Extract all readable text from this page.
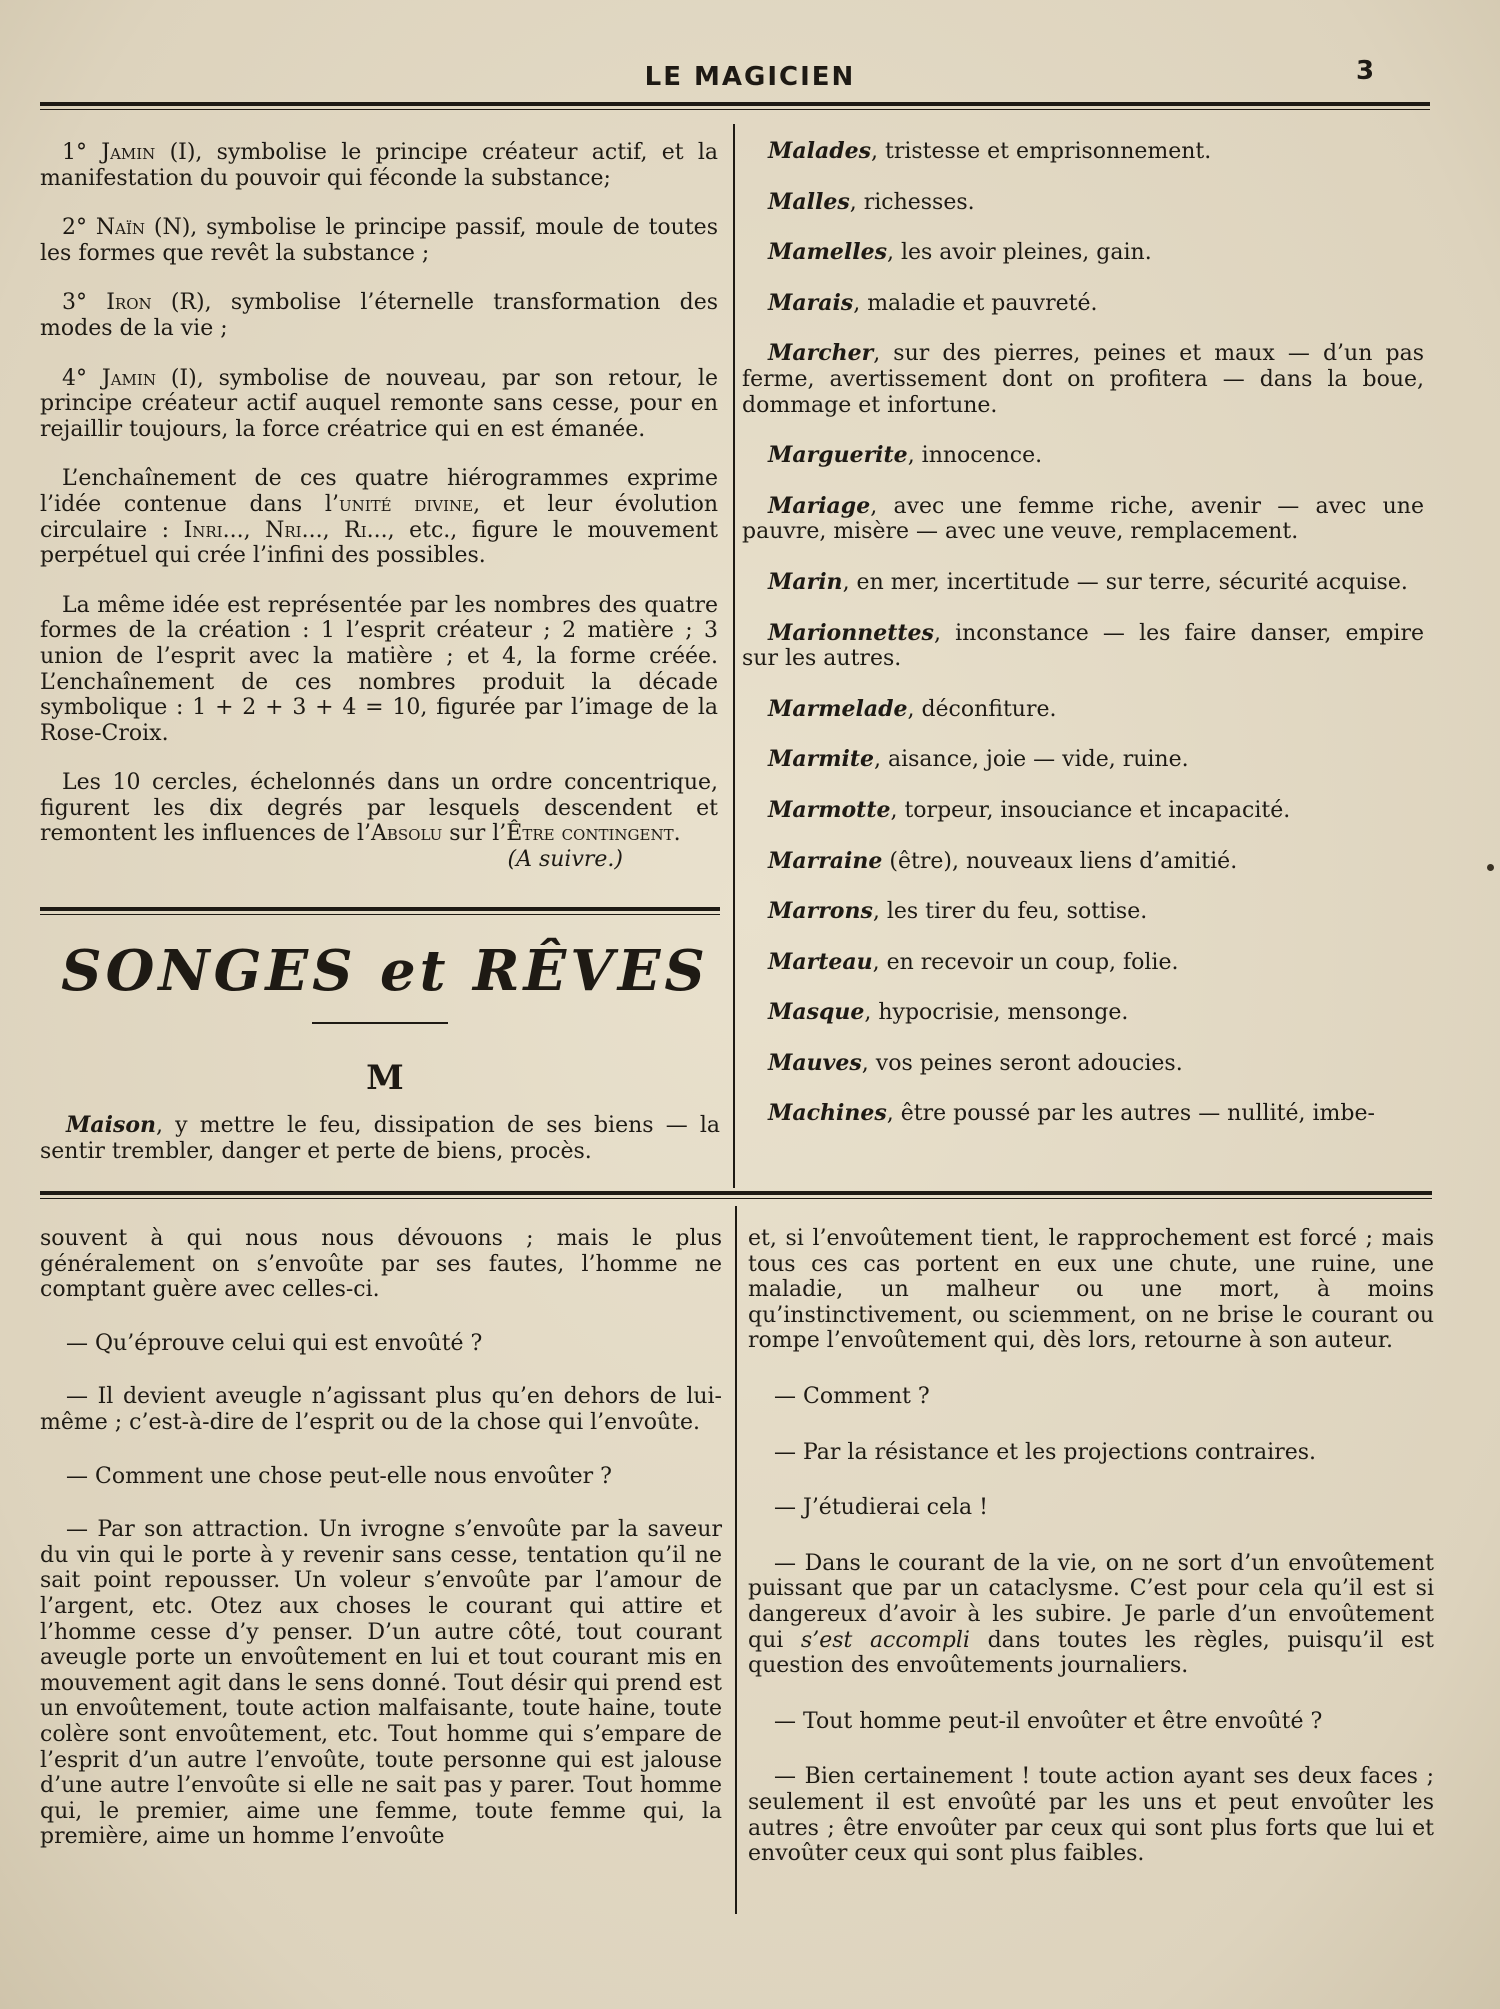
LE MAGICIEN	3

1° Jamin (I), symbolise le principe créateur actif, et la manifestation du pouvoir qui féconde la substance;

2° Naïn (N), symbolise le principe passif, moule de toutes les formes que revêt la substance ;

3° Iron (R), symbolise l’éternelle transformation des modes de la vie ;

4° Jamin (I), symbolise de nouveau, par son retour, le principe créateur actif auquel remonte sans cesse, pour en rejaillir toujours, la force créatrice qui en est émanée.

L’enchaînement de ces quatre hiérogrammes exprime l’idée contenue dans l’unité divine, et leur évolution circulaire : Inri..., Nri..., Ri..., etc., figure le mouvement perpétuel qui crée l’infini des possibles.

La même idée est représentée par les nombres des quatre formes de la création : 1 l’esprit créateur ; 2 matière ; 3 union de l’esprit avec la matière ; et 4, la forme créée. L’enchaînement de ces nombres produit la décade symbolique : 1 + 2 + 3 + 4 = 10, figurée par l’image de la Rose-Croix.

Les 10 cercles, échelonnés dans un ordre concentrique, figurent les dix degrés par lesquels descendent et remontent les influences de l’Absolu sur l’Être contingent.

(A suivre.)

SONGES et RÊVES
M

Maison, y mettre le feu, dissipation de ses biens — la sentir trembler, danger et perte de biens, procès.

Malades, tristesse et emprisonnement.

Malles, richesses.

Mamelles, les avoir pleines, gain.

Marais, maladie et pauvreté.

Marcher, sur des pierres, peines et maux — d’un pas ferme, avertissement dont on profitera — dans la boue, dommage et infortune.

Marguerite, innocence.

Mariage, avec une femme riche, avenir — avec une pauvre, misère — avec une veuve, remplacement.

Marin, en mer, incertitude — sur terre, sécurité acquise.

Marionnettes, inconstance — les faire danser, empire sur les autres.

Marmelade, déconfiture.

Marmite, aisance, joie — vide, ruine.

Marmotte, torpeur, insouciance et incapacité.

Marraine (être), nouveaux liens d’amitié.

Marrons, les tirer du feu, sottise.

Marteau, en recevoir un coup, folie.

Masque, hypocrisie, mensonge.

Mauves, vos peines seront adoucies.

Machines, être poussé par les autres — nullité, imbe-

souvent à qui nous nous dévouons ; mais le plus généralement on s’envoûte par ses fautes, l’homme ne comptant guère avec celles-ci.

— Qu’éprouve celui qui est envoûté ?

— Il devient aveugle n’agissant plus qu’en dehors de lui-même ; c’est-à-dire de l’esprit ou de la chose qui l’envoûte.

— Comment une chose peut-elle nous envoûter ?

— Par son attraction. Un ivrogne s’envoûte par la saveur du vin qui le porte à y revenir sans cesse, tentation qu’il ne sait point repousser. Un voleur s’envoûte par l’amour de l’argent, etc. Otez aux choses le courant qui attire et l’homme cesse d’y penser. D’un autre côté, tout courant aveugle porte un envoûtement en lui et tout courant mis en mouvement agit dans le sens donné. Tout désir qui prend est un envoûtement, toute action malfaisante, toute haine, toute colère sont envoûtement, etc. Tout homme qui s’empare de l’esprit d’un autre l’envoûte, toute personne qui est jalouse d’une autre l’envoûte si elle ne sait pas y parer. Tout homme qui, le premier, aime une femme, toute femme qui, la première, aime un homme l’envoûte

et, si l’envoûtement tient, le rapprochement est forcé ; mais tous ces cas portent en eux une chute, une ruine, une maladie, un malheur ou une mort, à moins qu’instinctivement, ou sciemment, on ne brise le courant ou rompe l’envoûtement qui, dès lors, retourne à son auteur.

— Comment ?

— Par la résistance et les projections contraires.

— J’étudierai cela !

— Dans le courant de la vie, on ne sort d’un envoûtement puissant que par un cataclysme. C’est pour cela qu’il est si dangereux d’avoir à les subire. Je parle d’un envoûtement qui s’est accompli dans toutes les règles, puisqu’il est question des envoûtements journaliers.

— Tout homme peut-il envoûter et être envoûté ?

— Bien certainement ! toute action ayant ses deux faces ; seulement il est envoûté par les uns et peut envoûter les autres ; être envoûter par ceux qui sont plus forts que lui et envoûter ceux qui sont plus faibles.
